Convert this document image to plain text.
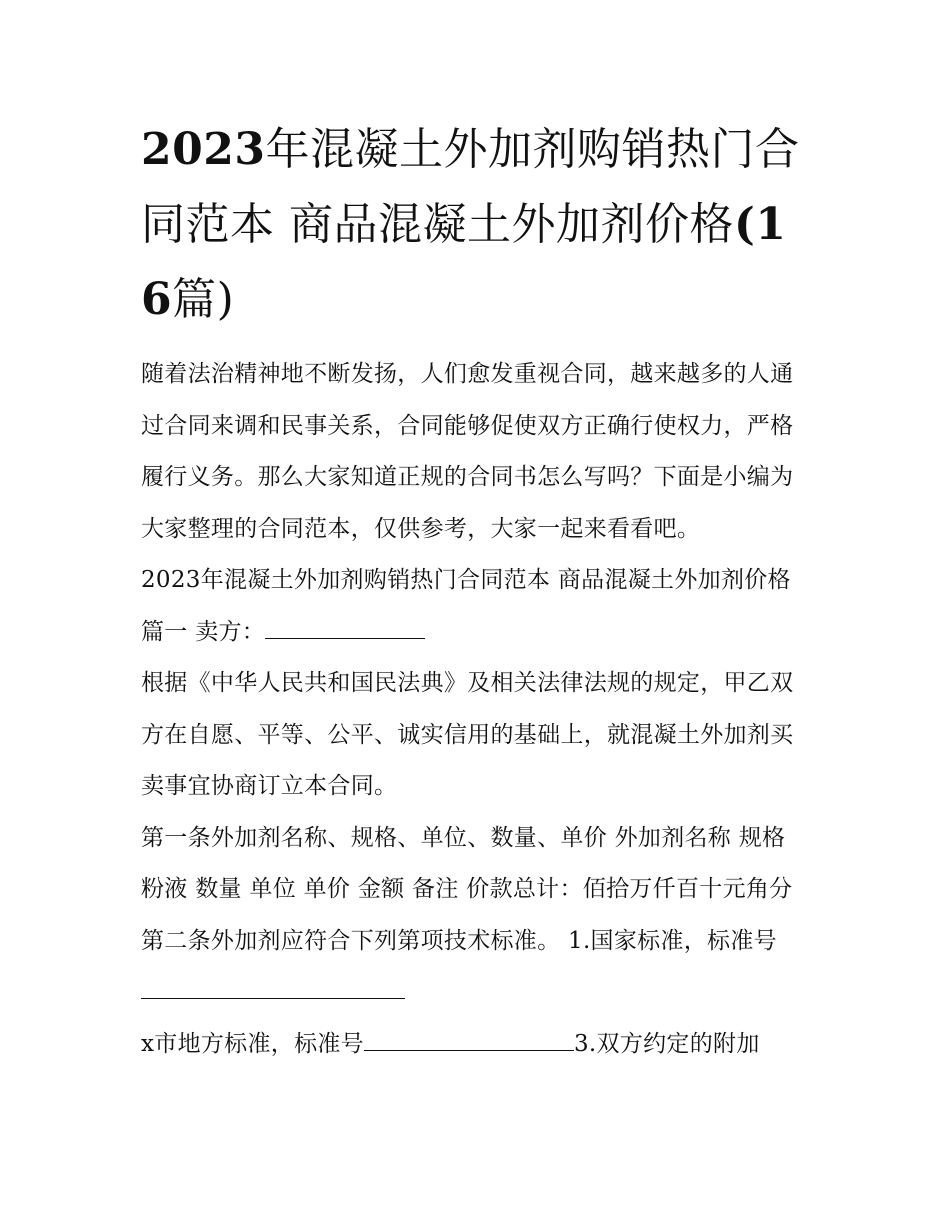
2023年混凝土外加剂购销热门合同范本 商品混凝土外加剂价格(16篇)

随着法治精神地不断发扬，人们愈发重视合同，越来越多的人通过合同来调和民事关系，合同能够促使双方正确行使权力，严格履行义务。那么大家知道正规的合同书怎么写吗？下面是小编为大家整理的合同范本，仅供参考，大家一起来看看吧。

2023年混凝土外加剂购销热门合同范本 商品混凝土外加剂价格篇一 卖方：

根据《中华人民共和国民法典》及相关法律法规的规定，甲乙双方在自愿、平等、公平、诚实信用的基础上，就混凝土外加剂买卖事宜协商订立本合同。

第一条外加剂名称、规格、单位、数量、单价 外加剂名称 规格 粉液 数量 单位 单价 金额 备注 价款总计：佰拾万仟百十元角分

第二条外加剂应符合下列第项技术标准。 1.国家标准，标准号

x市地方标准，标准号	3.双方约定的附加
